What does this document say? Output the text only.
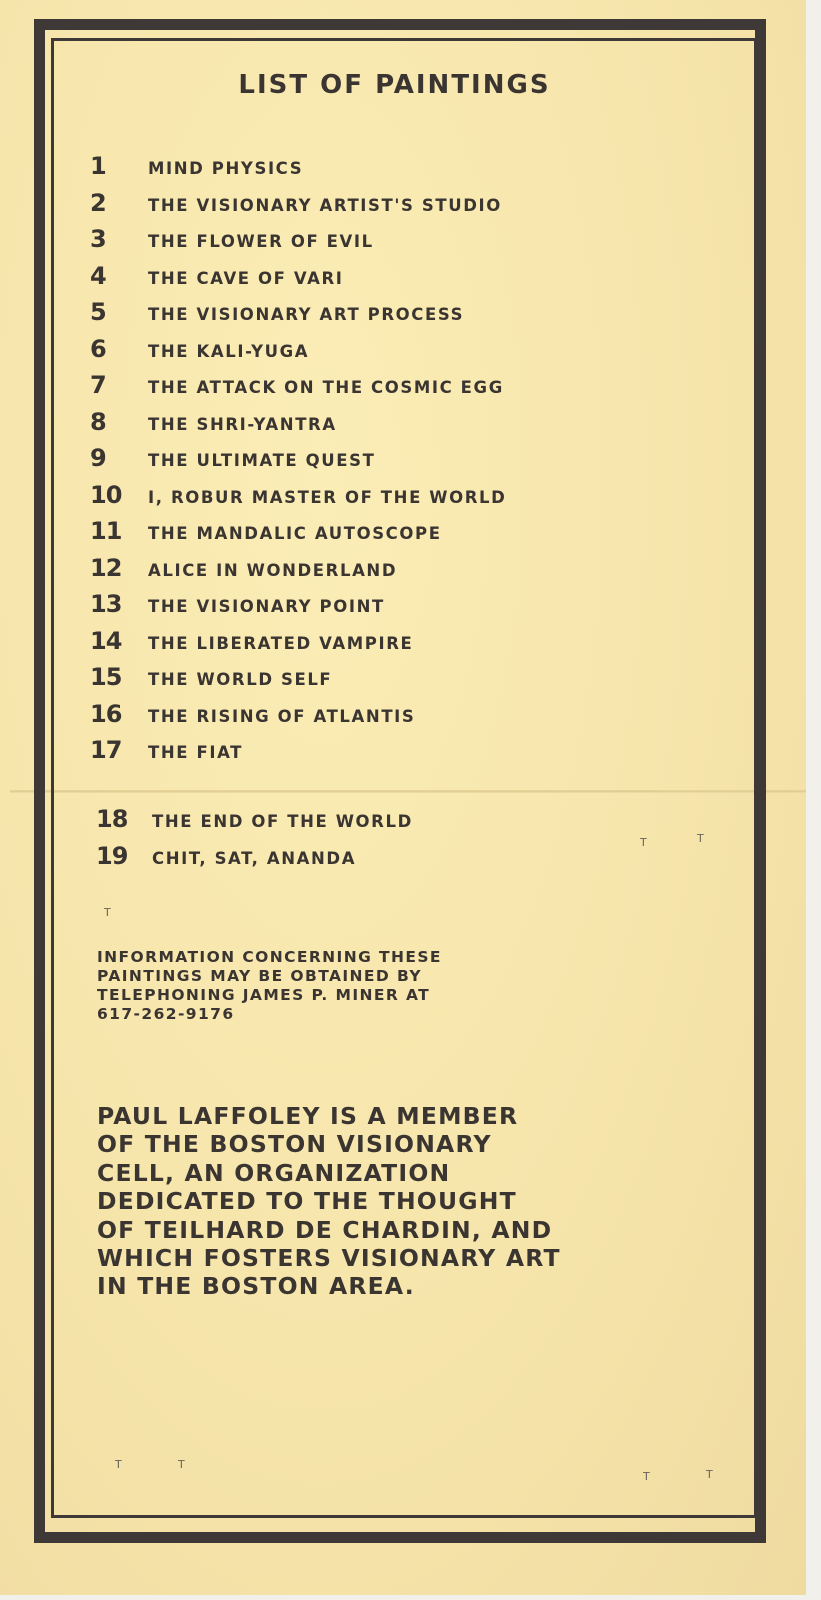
LIST OF PAINTINGS
1	MIND PHYSICS
2	THE VISIONARY ARTIST'S STUDIO
3	THE FLOWER OF EVIL
4	THE CAVE OF VARI
5	THE VISIONARY ART PROCESS
6	THE KALI-YUGA
7	THE ATTACK ON THE COSMIC EGG
8	THE SHRI-YANTRA
9	THE ULTIMATE QUEST
10	I, ROBUR MASTER OF THE WORLD
11	THE MANDALIC AUTOSCOPE
12	ALICE IN WONDERLAND
13	THE VISIONARY POINT
14	THE LIBERATED VAMPIRE
15	THE WORLD SELF
16	THE RISING OF ATLANTIS
17	THE FIAT
18	THE END OF THE WORLD
19	CHIT, SAT, ANANDA
INFORMATION CONCERNING THESE
PAINTINGS MAY BE OBTAINED BY
TELEPHONING JAMES P. MINER AT
617-262-9176
PAUL LAFFOLEY IS A MEMBER
OF THE BOSTON VISIONARY
CELL, AN ORGANIZATION
DEDICATED TO THE THOUGHT
OF TEILHARD DE CHARDIN, AND
WHICH FOSTERS VISIONARY ART
IN THE BOSTON AREA.
ꓔ
ꓔ	ꓔ
ꓔ	ꓔ
ꓔ	ꓔ
